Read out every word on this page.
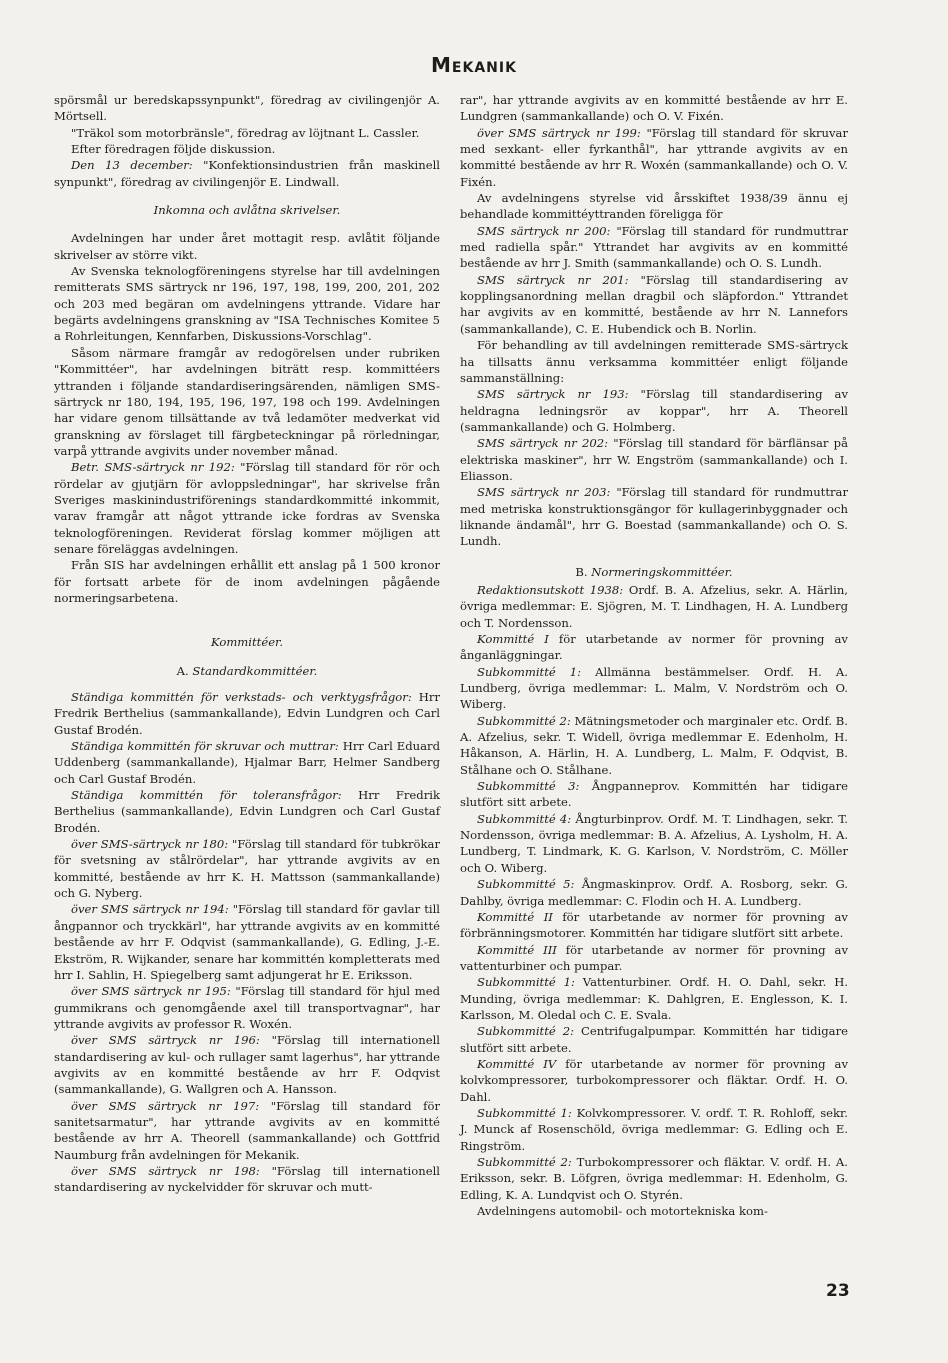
Mekanik

spörsmål ur beredskapssynpunkt", föredrag av civilingenjör A. Mörtsell.

"Träkol som motorbränsle", föredrag av löjtnant L. Cassler.

Efter föredragen följde diskussion.

Den 13 december: "Konfektionsindustrien från maskinell synpunkt", föredrag av civilingenjör E. Lindwall.

Inkomna och avlåtna skrivelser.

Avdelningen har under året mottagit resp. avlåtit följande skrivelser av större vikt.

Av Svenska teknologföreningens styrelse har till avdelningen remitterats SMS särtryck nr 196, 197, 198, 199, 200, 201, 202 och 203 med begäran om avdelningens yttrande. Vidare har begärts avdelningens granskning av "ISA Technisches Komitee 5 a Rohrleitungen, Kennfarben, Diskussions-Vorschlag".

Såsom närmare framgår av redogörelsen under rubriken "Kommittéer", har avdelningen biträtt resp. kommittéers yttranden i följande standardiseringsärenden, nämligen SMS-särtryck nr 180, 194, 195, 196, 197, 198 och 199. Avdelningen har vidare genom tillsättande av två ledamöter medverkat vid granskning av förslaget till färgbeteckningar på rörledningar, varpå yttrande avgivits under november månad.

Betr. SMS-särtryck nr 192: "Förslag till standard för rör och rördelar av gjutjärn för avloppsledningar", har skrivelse från Sveriges maskinindustriförenings standardkommitté inkommit, varav framgår att något yttrande icke fordras av Svenska teknologföreningen. Reviderat förslag kommer möjligen att senare föreläggas avdelningen.

Från SIS har avdelningen erhållit ett anslag på 1 500 kronor för fortsatt arbete för de inom avdelningen pågående normeringsarbetena.

Kommittéer.

A. Standardkommittéer.

Ständiga kommittén för verkstads- och verktygsfrågor: Hrr Fredrik Berthelius (sammankallande), Edvin Lundgren och Carl Gustaf Brodén.

Ständiga kommittén för skruvar och muttrar: Hrr Carl Eduard Uddenberg (sammankallande), Hjalmar Barr, Helmer Sandberg och Carl Gustaf Brodén.

Ständiga kommittén för toleransfrågor: Hrr Fredrik Berthelius (sammankallande), Edvin Lundgren och Carl Gustaf Brodén.

över SMS-särtryck nr 180: "Förslag till standard för tubkrökar för svetsning av stålrördelar", har yttrande avgivits av en kommitté, bestående av hrr K. H. Mattsson (sammankallande) och G. Nyberg.

över SMS särtryck nr 194: "Förslag till standard för gavlar till ångpannor och tryckkärl", har yttrande avgivits av en kommitté bestående av hrr F. Odqvist (sammankallande), G. Edling, J.-E. Ekström, R. Wijkander, senare har kommittén kompletterats med hrr I. Sahlin, H. Spiegelberg samt adjungerat hr E. Eriksson.

över SMS särtryck nr 195: "Förslag till standard för hjul med gummikrans och genomgående axel till transportvagnar", har yttrande avgivits av professor R. Woxén.

över SMS särtryck nr 196: "Förslag till internationell standardisering av kul- och rullager samt lagerhus", har yttrande avgivits av en kommitté bestående av hrr F. Odqvist (sammankallande), G. Wallgren och A. Hansson.

över SMS särtryck nr 197: "Förslag till standard för sanitetsarmatur", har yttrande avgivits av en kommitté bestående av hrr A. Theorell (sammankallande) och Gottfrid Naumburg från avdelningen för Mekanik.

över SMS särtryck nr 198: "Förslag till internationell standardisering av nyckelvidder för skruvar och mutt-

rar", har yttrande avgivits av en kommitté bestående av hrr E. Lundgren (sammankallande) och O. V. Fixén.

över SMS särtryck nr 199: "Förslag till standard för skruvar med sexkant- eller fyrkanthål", har yttrande avgivits av en kommitté bestående av hrr R. Woxén (sammankallande) och O. V. Fixén.

Av avdelningens styrelse vid årsskiftet 1938/39 ännu ej behandlade kommittéyttranden föreligga för

SMS särtryck nr 200: "Förslag till standard för rundmuttrar med radiella spår." Yttrandet har avgivits av en kommitté bestående av hrr J. Smith (sammankallande) och O. S. Lundh.

SMS särtryck nr 201: "Förslag till standardisering av kopplingsanordning mellan dragbil och släpfordon." Yttrandet har avgivits av en kommitté, bestående av hrr N. Lannefors (sammankallande), C. E. Hubendick och B. Norlin.

För behandling av till avdelningen remitterade SMS-särtryck ha tillsatts ännu verksamma kommittéer enligt följande sammanställning:

SMS särtryck nr 193: "Förslag till standardisering av heldragna ledningsrör av koppar", hrr A. Theorell (sammankallande) och G. Holmberg.

SMS särtryck nr 202: "Förslag till standard för bärflänsar på elektriska maskiner", hrr W. Engström (sammankallande) och I. Eliasson.

SMS särtryck nr 203: "Förslag till standard för rundmuttrar med metriska konstruktionsgängor för kullagerinbyggnader och liknande ändamål", hrr G. Boestad (sammankallande) och O. S. Lundh.

B. Normeringskommittéer.

Redaktionsutskott 1938: Ordf. B. A. Afzelius, sekr. A. Härlin, övriga medlemmar: E. Sjögren, M. T. Lindhagen, H. A. Lundberg och T. Nordensson.

Kommitté I för utarbetande av normer för provning av ånganläggningar.

Subkommitté 1: Allmänna bestämmelser. Ordf. H. A. Lundberg, övriga medlemmar: L. Malm, V. Nordström och O. Wiberg.

Subkommitté 2: Mätningsmetoder och marginaler etc. Ordf. B. A. Afzelius, sekr. T. Widell, övriga medlemmar E. Edenholm, H. Håkanson, A. Härlin, H. A. Lundberg, L. Malm, F. Odqvist, B. Stålhane och O. Stålhane.

Subkommitté 3: Ångpanneprov. Kommittén har tidigare slutfört sitt arbete.

Subkommitté 4: Ångturbinprov. Ordf. M. T. Lindhagen, sekr. T. Nordensson, övriga medlemmar: B. A. Afzelius, A. Lysholm, H. A. Lundberg, T. Lindmark, K. G. Karlson, V. Nordström, C. Möller och O. Wiberg.

Subkommitté 5: Ångmaskinprov. Ordf. A. Rosborg, sekr. G. Dahlby, övriga medlemmar: C. Flodin och H. A. Lundberg.

Kommitté II för utarbetande av normer för provning av förbränningsmotorer. Kommittén har tidigare slutfört sitt arbete.

Kommitté III för utarbetande av normer för provning av vattenturbiner och pumpar.

Subkommitté 1: Vattenturbiner. Ordf. H. O. Dahl, sekr. H. Munding, övriga medlemmar: K. Dahlgren, E. Englesson, K. I. Karlsson, M. Oledal och C. E. Svala.

Subkommitté 2: Centrifugalpumpar. Kommittén har tidigare slutfört sitt arbete.

Kommitté IV för utarbetande av normer för provning av kolvkompressorer, turbokompressorer och fläktar. Ordf. H. O. Dahl.

Subkommitté 1: Kolvkompressorer. V. ordf. T. R. Rohloff, sekr. J. Munck af Rosenschöld, övriga medlemmar: G. Edling och E. Ringström.

Subkommitté 2: Turbokompressorer och fläktar. V. ordf. H. A. Eriksson, sekr. B. Löfgren, övriga medlemmar: H. Edenholm, G. Edling, K. A. Lundqvist och O. Styrén.

Avdelningens automobil- och motortekniska kom-

23
